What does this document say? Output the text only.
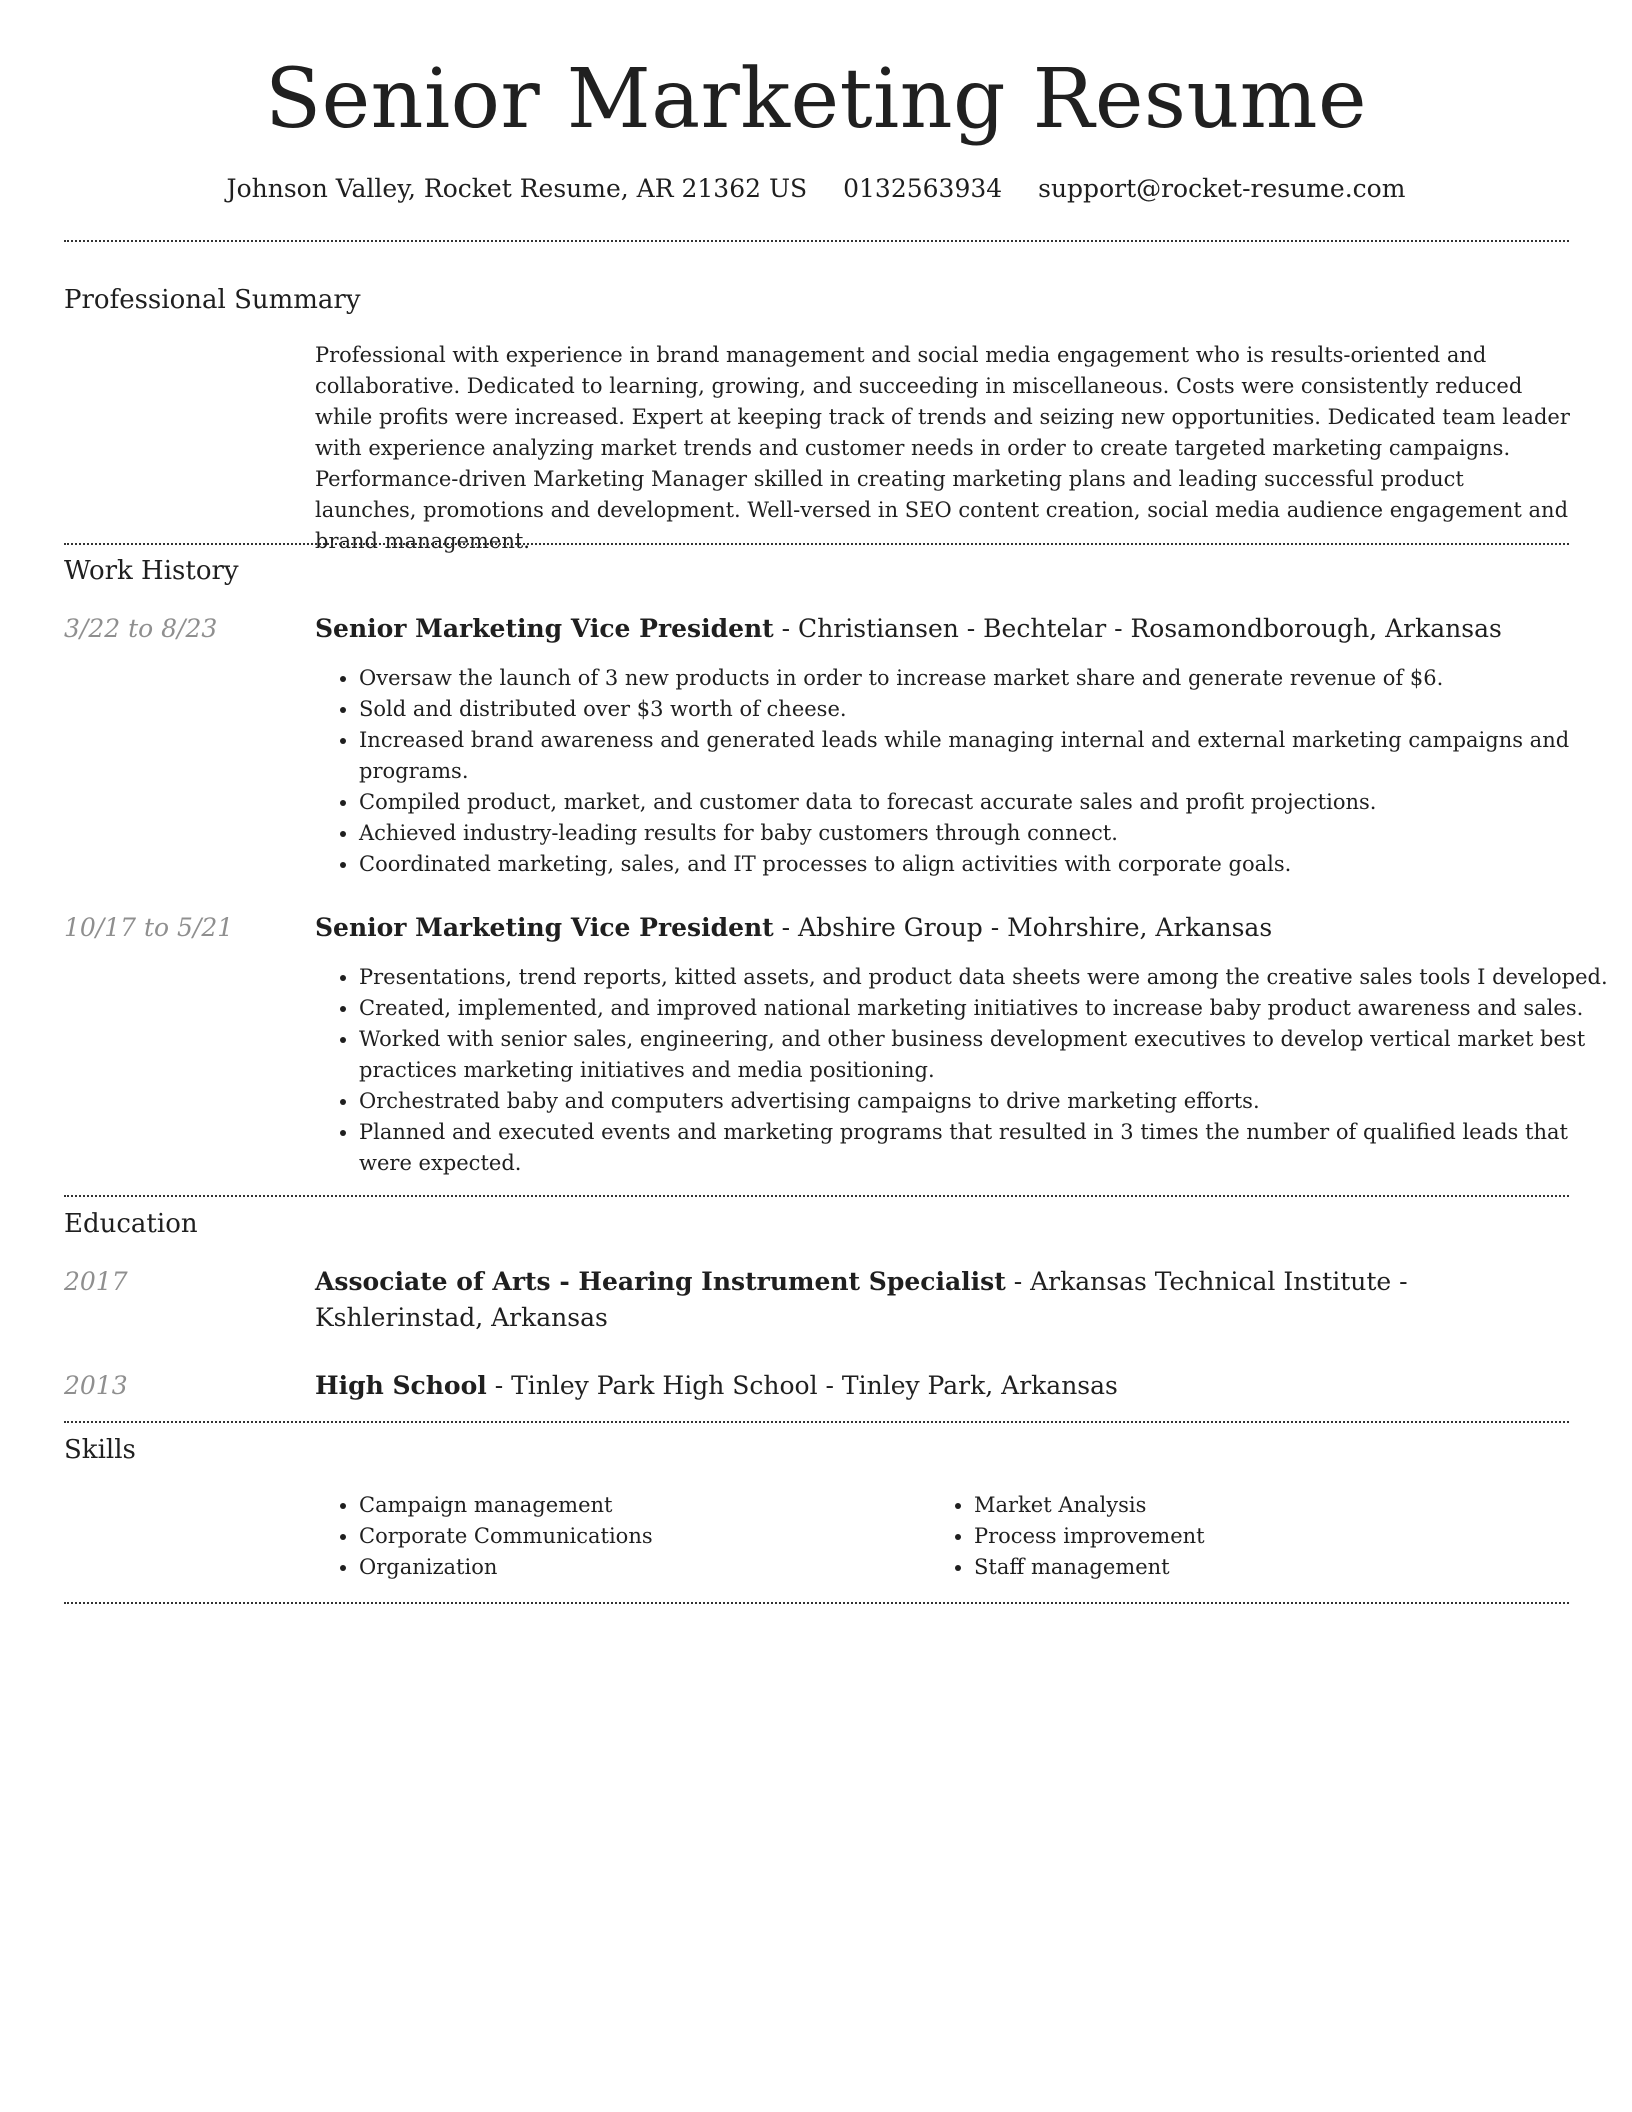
Senior Marketing Resume
Johnson Valley, Rocket Resume, AR 21362 US 0132563934 support@rocket-resume.com
Professional Summary
Professional with experience in brand management and social media engagement who is results-oriented and collaborative. Dedicated to learning, growing, and succeeding in miscellaneous. Costs were consistently reduced while profits were increased. Expert at keeping track of trends and seizing new opportunities. Dedicated team leader with experience analyzing market trends and customer needs in order to create targeted marketing campaigns. Performance-driven Marketing Manager skilled in creating marketing plans and leading successful product launches, promotions and development. Well-versed in SEO content creation, social media audience engagement and brand management.
Work History
3/22 to 8/23	Senior Marketing Vice President - Christiansen - Bechtelar - Rosamondborough, Arkansas
• Oversaw the launch of 3 new products in order to increase market share and generate revenue of $6.
• Sold and distributed over $3 worth of cheese.
• Increased brand awareness and generated leads while managing internal and external marketing campaigns and programs.
• Compiled product, market, and customer data to forecast accurate sales and profit projections.
• Achieved industry-leading results for baby customers through connect.
• Coordinated marketing, sales, and IT processes to align activities with corporate goals.
10/17 to 5/21	Senior Marketing Vice President - Abshire Group - Mohrshire, Arkansas
• Presentations, trend reports, kitted assets, and product data sheets were among the creative sales tools I developed.
• Created, implemented, and improved national marketing initiatives to increase baby product awareness and sales.
• Worked with senior sales, engineering, and other business development executives to develop vertical market best practices marketing initiatives and media positioning.
• Orchestrated baby and computers advertising campaigns to drive marketing efforts.
• Planned and executed events and marketing programs that resulted in 3 times the number of qualified leads that were expected.
Education
2017	Associate of Arts - Hearing Instrument Specialist - Arkansas Technical Institute - Kshlerinstad, Arkansas
2013	High School - Tinley Park High School - Tinley Park, Arkansas
Skills
• Campaign management
• Corporate Communications
• Organization
• Market Analysis
• Process improvement
• Staff management
